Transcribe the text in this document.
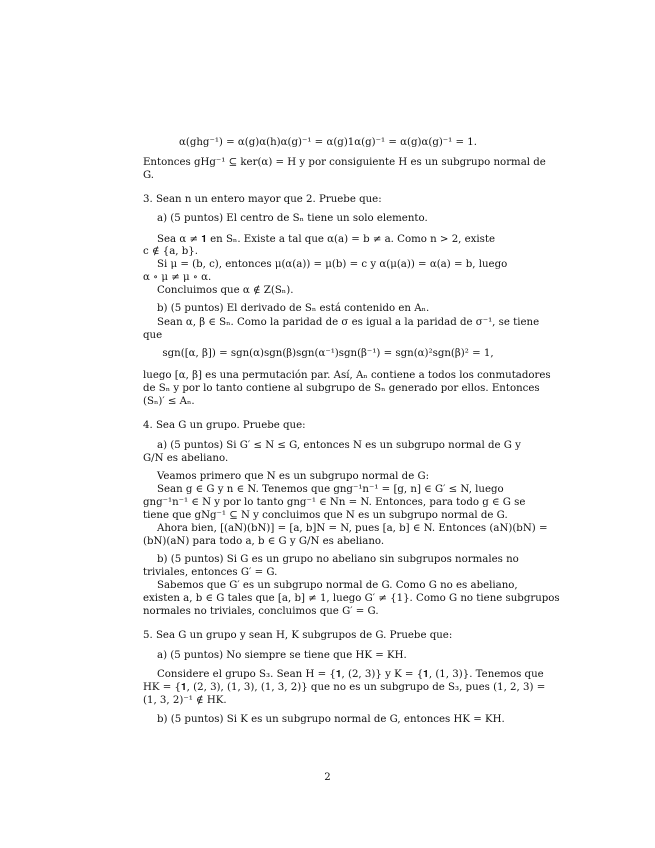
α(ghg⁻¹) = α(g)α(h)α(g)⁻¹ = α(g)1α(g)⁻¹ = α(g)α(g)⁻¹ = 1.
Entonces gHg⁻¹ ⊆ ker(α) = H y por consiguiente H es un subgrupo normal de
G.
3. Sean n un entero mayor que 2. Pruebe que:
a) (5 puntos) El centro de Sₙ tiene un solo elemento.
Sea α ≠ 𝟏 en Sₙ. Existe a tal que α(a) = b ≠ a. Como n > 2, existe
c ∉ {a, b}.
Si μ = (b, c), entonces μ(α(a)) = μ(b) = c y α(μ(a)) = α(a) = b, luego
α ∘ μ ≠ μ ∘ α.
Concluimos que α ∉ Z(Sₙ).
b) (5 puntos) El derivado de Sₙ está contenido en Aₙ.
Sean α, β ∈ Sₙ. Como la paridad de σ es igual a la paridad de σ⁻¹, se tiene
que
sgn([α, β]) = sgn(α)sgn(β)sgn(α⁻¹)sgn(β⁻¹) = sgn(α)²sgn(β)² = 1,
luego [α, β] es una permutación par. Así, Aₙ contiene a todos los conmutadores
de Sₙ y por lo tanto contiene al subgrupo de Sₙ generado por ellos. Entonces
(Sₙ)′ ≤ Aₙ.
4. Sea G un grupo. Pruebe que:
a) (5 puntos) Si G′ ≤ N ≤ G, entonces N es un subgrupo normal de G y
G/N es abeliano.
Veamos primero que N es un subgrupo normal de G:
Sean g ∈ G y n ∈ N. Tenemos que gng⁻¹n⁻¹ = [g, n] ∈ G′ ≤ N, luego
gng⁻¹n⁻¹ ∈ N y por lo tanto gng⁻¹ ∈ Nn = N. Entonces, para todo g ∈ G se
tiene que gNg⁻¹ ⊆ N y concluimos que N es un subgrupo normal de G.
Ahora bien, [(aN)(bN)] = [a, b]N = N, pues [a, b] ∈ N. Entonces (aN)(bN) =
(bN)(aN) para todo a, b ∈ G y G/N es abeliano.
b) (5 puntos) Si G es un grupo no abeliano sin subgrupos normales no
triviales, entonces G′ = G.
Sabemos que G′ es un subgrupo normal de G. Como G no es abeliano,
existen a, b ∈ G tales que [a, b] ≠ 1, luego G′ ≠ {1}. Como G no tiene subgrupos
normales no triviales, concluimos que G′ = G.
5. Sea G un grupo y sean H, K subgrupos de G. Pruebe que:
a) (5 puntos) No siempre se tiene que HK = KH.
Considere el grupo S₃. Sean H = {𝟏, (2, 3)} y K = {𝟏, (1, 3)}. Tenemos que
HK = {𝟏, (2, 3), (1, 3), (1, 3, 2)} que no es un subgrupo de S₃, pues (1, 2, 3) =
(1, 3, 2)⁻¹ ∉ HK.
b) (5 puntos) Si K es un subgrupo normal de G, entonces HK = KH.
2
